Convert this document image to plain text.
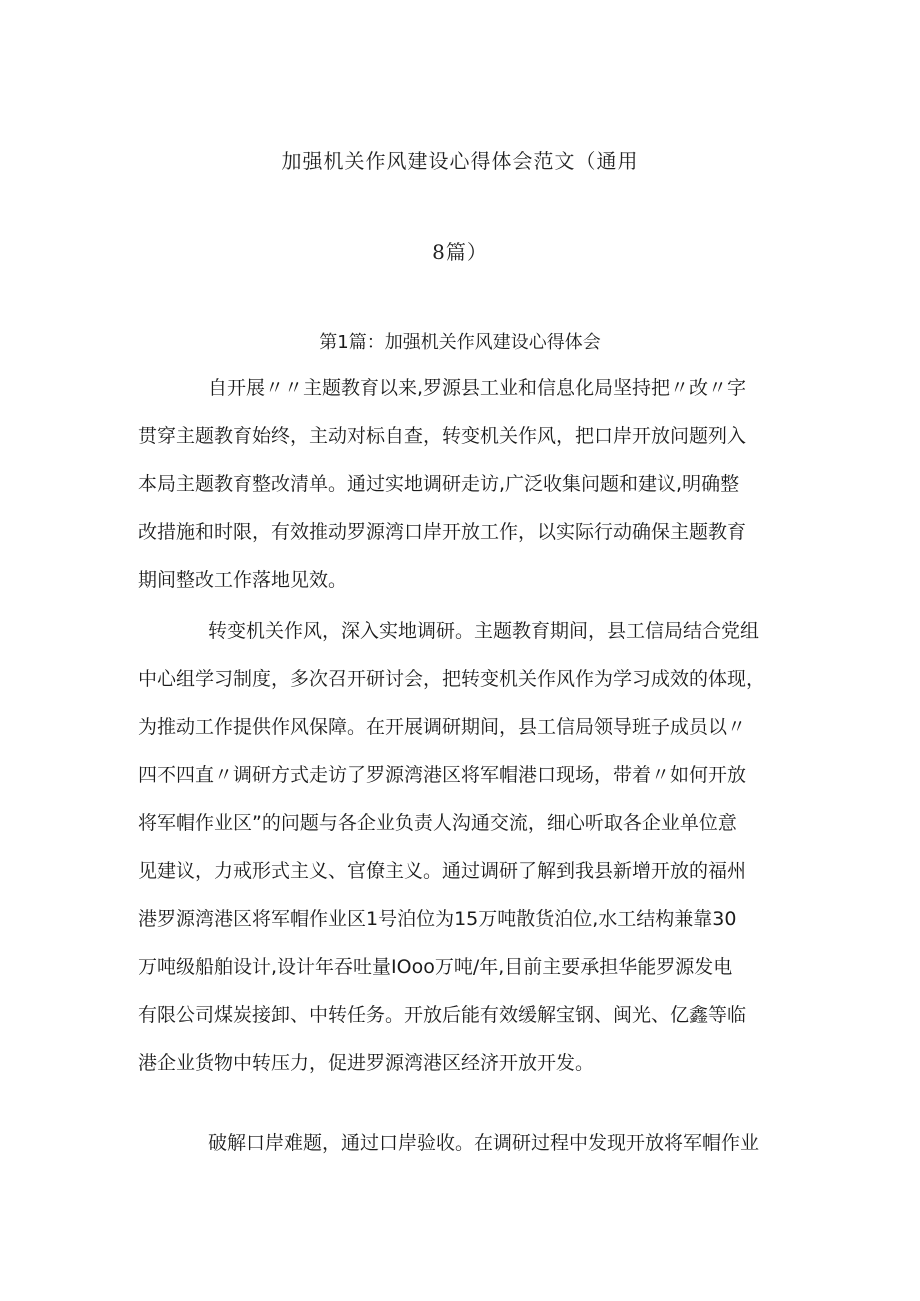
加强机关作风建设心得体会范文（通用
8篇）
第1篇：加强机关作风建设心得体会
自开展〃〃主题教育以来,罗源县工业和信息化局坚持把〃改〃字
贯穿主题教育始终，主动对标自查，转变机关作风，把口岸开放问题列入
本局主题教育整改清单。通过实地调研走访,广泛收集问题和建议,明确整
改措施和时限，有效推动罗源湾口岸开放工作，以实际行动确保主题教育
期间整改工作落地见效。
转变机关作风，深入实地调研。主题教育期间，县工信局结合党组
中心组学习制度，多次召开研讨会，把转变机关作风作为学习成效的体现，
为推动工作提供作风保障。在开展调研期间，县工信局领导班子成员以〃
四不四直〃调研方式走访了罗源湾港区将军帽港口现场，带着〃如何开放
将军帽作业区”的问题与各企业负责人沟通交流，细心听取各企业单位意
见建议，力戒形式主义、官僚主义。通过调研了解到我县新增开放的福州
港罗源湾港区将军帽作业区1号泊位为15万吨散货泊位,水工结构兼靠30
万吨级船舶设计,设计年吞吐量IOoo万吨/年,目前主要承担华能罗源发电
有限公司煤炭接卸、中转任务。开放后能有效缓解宝钢、闽光、亿鑫等临
港企业货物中转压力，促进罗源湾港区经济开放开发。
破解口岸难题，通过口岸验收。在调研过程中发现开放将军帽作业
